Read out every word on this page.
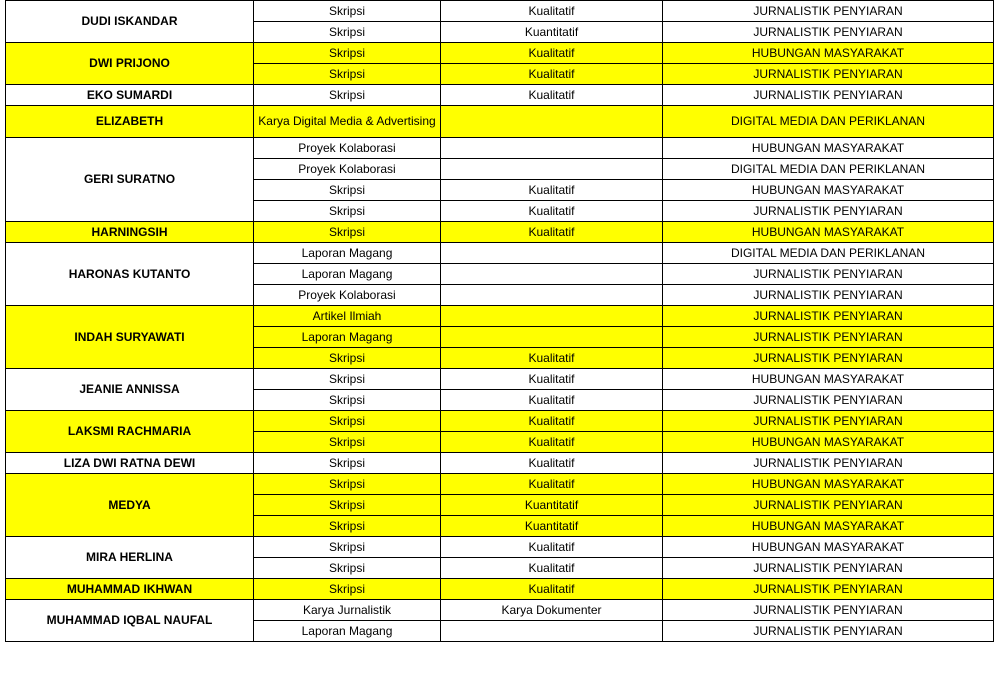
DUDI ISKANDAR	Skripsi	Kualitatif	JURNALISTIK PENYIARAN
	Skripsi	Kuantitatif	JURNALISTIK PENYIARAN
DWI PRIJONO	Skripsi	Kualitatif	HUBUNGAN MASYARAKAT
	Skripsi	Kualitatif	JURNALISTIK PENYIARAN
EKO SUMARDI	Skripsi	Kualitatif	JURNALISTIK PENYIARAN
ELIZABETH	Karya Digital Media & Advertising		DIGITAL MEDIA DAN PERIKLANAN
GERI SURATNO	Proyek Kolaborasi		HUBUNGAN MASYARAKAT
	Proyek Kolaborasi		DIGITAL MEDIA DAN PERIKLANAN
	Skripsi	Kualitatif	HUBUNGAN MASYARAKAT
	Skripsi	Kualitatif	JURNALISTIK PENYIARAN
HARNINGSIH	Skripsi	Kualitatif	HUBUNGAN MASYARAKAT
HARONAS KUTANTO	Laporan Magang		DIGITAL MEDIA DAN PERIKLANAN
	Laporan Magang		JURNALISTIK PENYIARAN
	Proyek Kolaborasi		JURNALISTIK PENYIARAN
INDAH SURYAWATI	Artikel Ilmiah		JURNALISTIK PENYIARAN
	Laporan Magang		JURNALISTIK PENYIARAN
	Skripsi	Kualitatif	JURNALISTIK PENYIARAN
JEANIE ANNISSA	Skripsi	Kualitatif	HUBUNGAN MASYARAKAT
	Skripsi	Kualitatif	JURNALISTIK PENYIARAN
LAKSMI RACHMARIA	Skripsi	Kualitatif	JURNALISTIK PENYIARAN
	Skripsi	Kualitatif	HUBUNGAN MASYARAKAT
LIZA DWI RATNA DEWI	Skripsi	Kualitatif	JURNALISTIK PENYIARAN
MEDYA	Skripsi	Kualitatif	HUBUNGAN MASYARAKAT
	Skripsi	Kuantitatif	JURNALISTIK PENYIARAN
	Skripsi	Kuantitatif	HUBUNGAN MASYARAKAT
MIRA HERLINA	Skripsi	Kualitatif	HUBUNGAN MASYARAKAT
	Skripsi	Kualitatif	JURNALISTIK PENYIARAN
MUHAMMAD IKHWAN	Skripsi	Kualitatif	JURNALISTIK PENYIARAN
MUHAMMAD IQBAL NAUFAL	Karya Jurnalistik	Karya Dokumenter	JURNALISTIK PENYIARAN
	Laporan Magang		JURNALISTIK PENYIARAN
